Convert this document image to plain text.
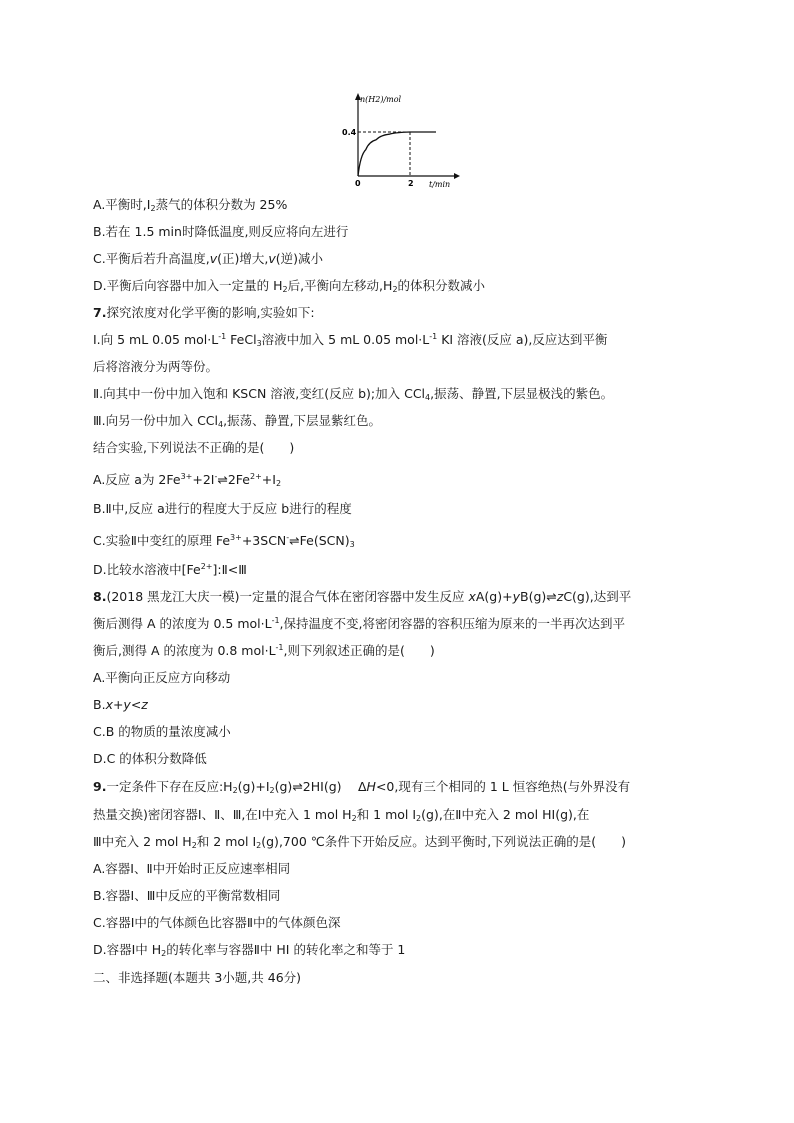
n(H2)/mol
0.4
0	2 t/min
A.平衡时$,I_2$蒸气的体积分数为 25%
B.若在 1.5 min时降低温度,则反应将向左进行
C.平衡后若升高温度,v(正)增大,v(逆)减小
D.平衡后向容器中加入一定量的 $H_2$后,平衡向左移动$,H_2$的体积分数减小
7.探究浓度对化学平衡的影响,实验如下:
Ⅰ.向 5 mL 0.05 $mol\cdot L^{-1}$ FeCl$_3$溶液中加入 5 mL 0.05 $mol\cdot L^{-1}$ KI 溶液(反应 a),反应达到平衡
后将溶液分为两等份。
Ⅱ.向其中一份中加入饱和 KSCN 溶液,变红(反应 b);加入 CCl$_4$,振荡、静置,下层显极浅的紫色。
Ⅲ.向另一份中加入 CCl$_4$,振荡、静置,下层显紫红色。
结合实验,下列说法不正确的是(　　)
A.反应 a为 $2Fe^{3+}+2I^-\rightleftharpoons 2Fe^{2+}+I_2$
B.Ⅱ中,反应 a进行的程度大于反应 b进行的程度
C.实验Ⅱ中变红的原理 $Fe^{3+}+3SCN^-\rightleftharpoons Fe(SCN)_3$
D.比较水溶液中$[Fe^{2+}]:Ⅱ<Ⅲ$
8.(2018 黑龙江大庆一模)一定量的混合气体在密闭容器中发生反应 xA(g)+yB(g)⇌zC(g),达到平
衡后测得 A 的浓度为 0.5 $mol\cdot L^{-1}$,保持温度不变,将密闭容器的容积压缩为原来的一半再次达到平
衡后,测得 A 的浓度为 0.8 $mol\cdot L^{-1}$,则下列叙述正确的是(　　)
A.平衡向正反应方向移动
B.x+y<z
C.B 的物质的量浓度减小
D.C 的体积分数降低
9.一定条件下存在反应$:H_2(g)+I_2(g)\rightleftharpoons 2HI(g)$　 ΔH<0,现有三个相同的 1 L 恒容绝热(与外界没有
热量交换)密闭容器Ⅰ、Ⅱ、Ⅲ,在Ⅰ中充入 1 mol $H_2$和 1 mol $I_2(g)$,在Ⅱ中充入 2 mol HI(g),在
Ⅲ中充入 2 mol $H_2$和 2 mol $I_2(g),700$ ℃条件下开始反应。达到平衡时,下列说法正确的是(　　)
A.容器Ⅰ、Ⅱ中开始时正反应速率相同
B.容器Ⅰ、Ⅲ中反应的平衡常数相同
C.容器Ⅰ中的气体颜色比容器Ⅱ中的气体颜色深
D.容器Ⅰ中 $H_2$的转化率与容器Ⅱ中 HI 的转化率之和等于 1
二、非选择题(本题共 3小题,共 46分)
